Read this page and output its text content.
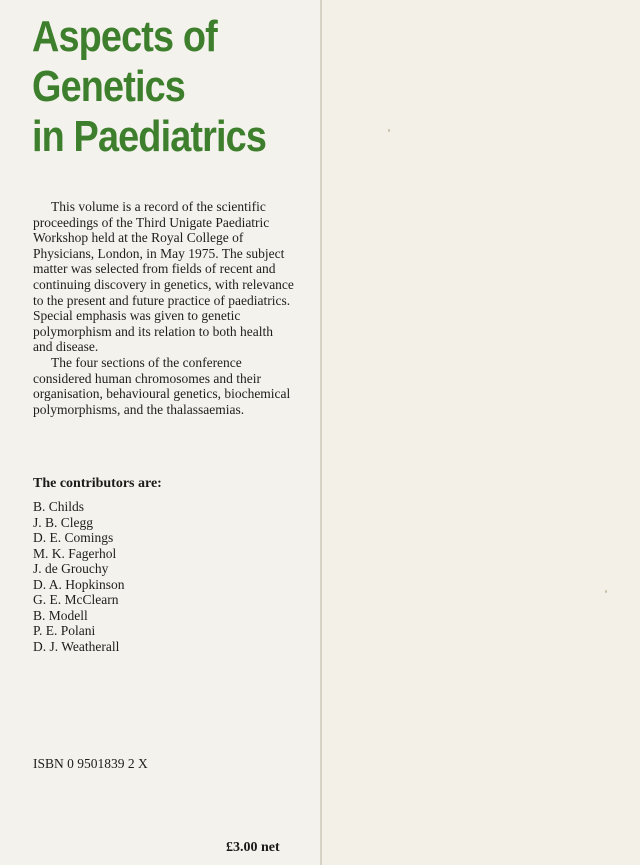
Aspects of
Genetics
in Paediatrics

This volume is a record of the scientific proceedings of the Third Unigate Paediatric Workshop held at the Royal College of Physicians, London, in May 1975. The subject matter was selected from fields of recent and continuing discovery in genetics, with relevance to the present and future practice of paediatrics. Special emphasis was given to genetic polymorphism and its relation to both health and disease.

The four sections of the conference considered human chromosomes and their organisation, behavioural genetics, biochemical polymorphisms, and the thalassaemias.

The contributors are:
B. Childs
J. B. Clegg
D. E. Comings
M. K. Fagerhol
J. de Grouchy
D. A. Hopkinson
G. E. McClearn
B. Modell
P. E. Polani
D. J. Weatherall
ISBN 0 9501839 2 X
£3.00 net
